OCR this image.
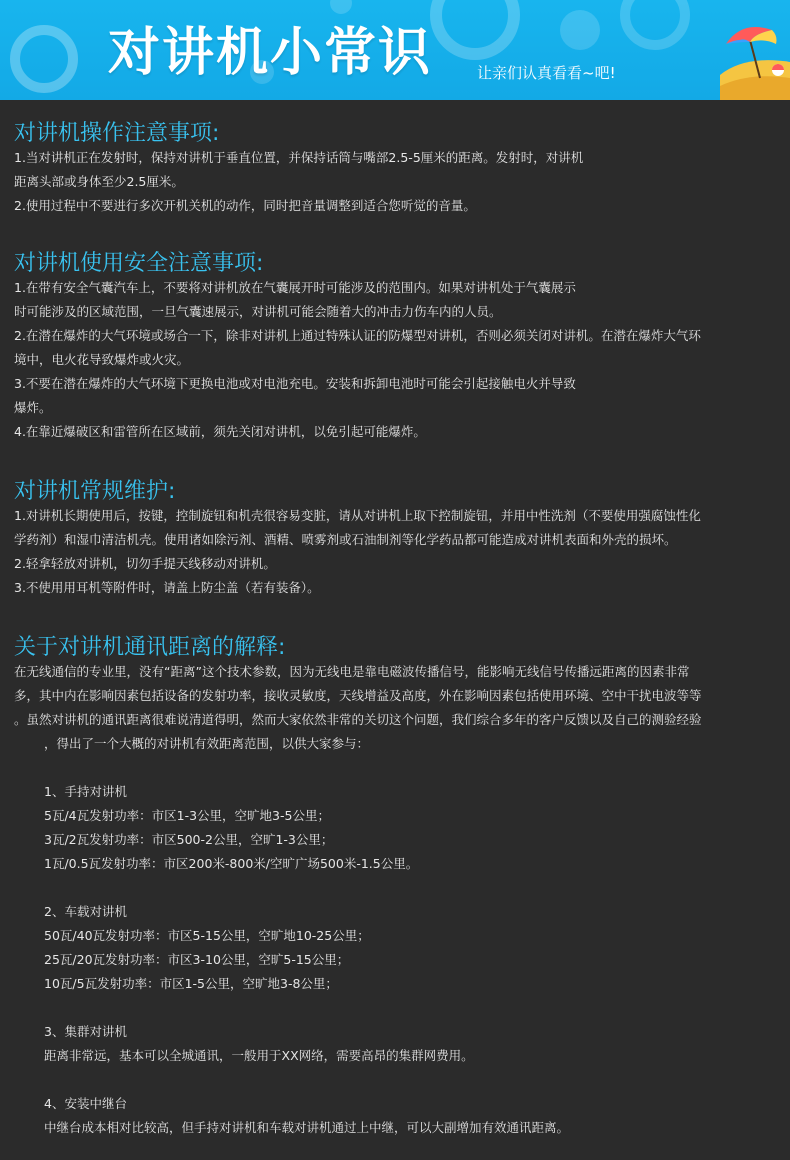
对讲机小常识	让亲们认真看看~吧!
对讲机操作注意事项:
1.当对讲机正在发射时，保持对讲机于垂直位置，并保持话筒与嘴部2.5-5厘米的距离。发射时，对讲机
距离头部或身体至少2.5厘米。
2.使用过程中不要进行多次开机关机的动作，同时把音量调整到适合您听觉的音量。
对讲机使用安全注意事项:
1.在带有安全气囊汽车上，不要将对讲机放在气囊展开时可能涉及的范围内。如果对讲机处于气囊展示
时可能涉及的区域范围，一旦气囊速展示，对讲机可能会随着大的冲击力伤车内的人员。
2.在潜在爆炸的大气环境或场合一下，除非对讲机上通过特殊认证的防爆型对讲机，否则必须关闭对讲机。在潜在爆炸大气环
境中，电火花导致爆炸或火灾。
3.不要在潜在爆炸的大气环境下更换电池或对电池充电。安装和拆卸电池时可能会引起接触电火并导致
爆炸。
4.在靠近爆破区和雷管所在区域前，须先关闭对讲机，以免引起可能爆炸。
对讲机常规维护:
1.对讲机长期使用后，按键，控制旋钮和机壳很容易变脏，请从对讲机上取下控制旋钮，并用中性洗剂（不要使用强腐蚀性化
学药剂）和湿巾清洁机壳。使用诸如除污剂、酒精、喷雾剂或石油制剂等化学药品都可能造成对讲机表面和外壳的损坏。
2.轻拿轻放对讲机，切勿手提天线移动对讲机。
3.不使用用耳机等附件时，请盖上防尘盖（若有装备）。
关于对讲机通讯距离的解释:
在无线通信的专业里，没有“距离”这个技术参数，因为无线电是靠电磁波传播信号，能影响无线信号传播远距离的因素非常
多，其中内在影响因素包括设备的发射功率，接收灵敏度，天线增益及高度，外在影响因素包括使用环境、空中干扰电波等等
。虽然对讲机的通讯距离很难说清道得明，然而大家依然非常的关切这个问题，我们综合多年的客户反馈以及自己的测验经验
，得出了一个大概的对讲机有效距离范围，以供大家参与：
1、手持对讲机
5瓦/4瓦发射功率：市区1-3公里，空旷地3-5公里；
3瓦/2瓦发射功率：市区500-2公里，空旷1-3公里；
1瓦/0.5瓦发射功率：市区200米-800米/空旷广场500米-1.5公里。
2、车载对讲机
50瓦/40瓦发射功率：市区5-15公里，空旷地10-25公里；
25瓦/20瓦发射功率：市区3-10公里，空旷5-15公里；
10瓦/5瓦发射功率：市区1-5公里，空旷地3-8公里；
3、集群对讲机
距离非常远，基本可以全城通讯，一般用于XX网络，需要高昂的集群网费用。
4、安装中继台
中继台成本相对比较高，但手持对讲机和车载对讲机通过上中继，可以大副增加有效通讯距离。
